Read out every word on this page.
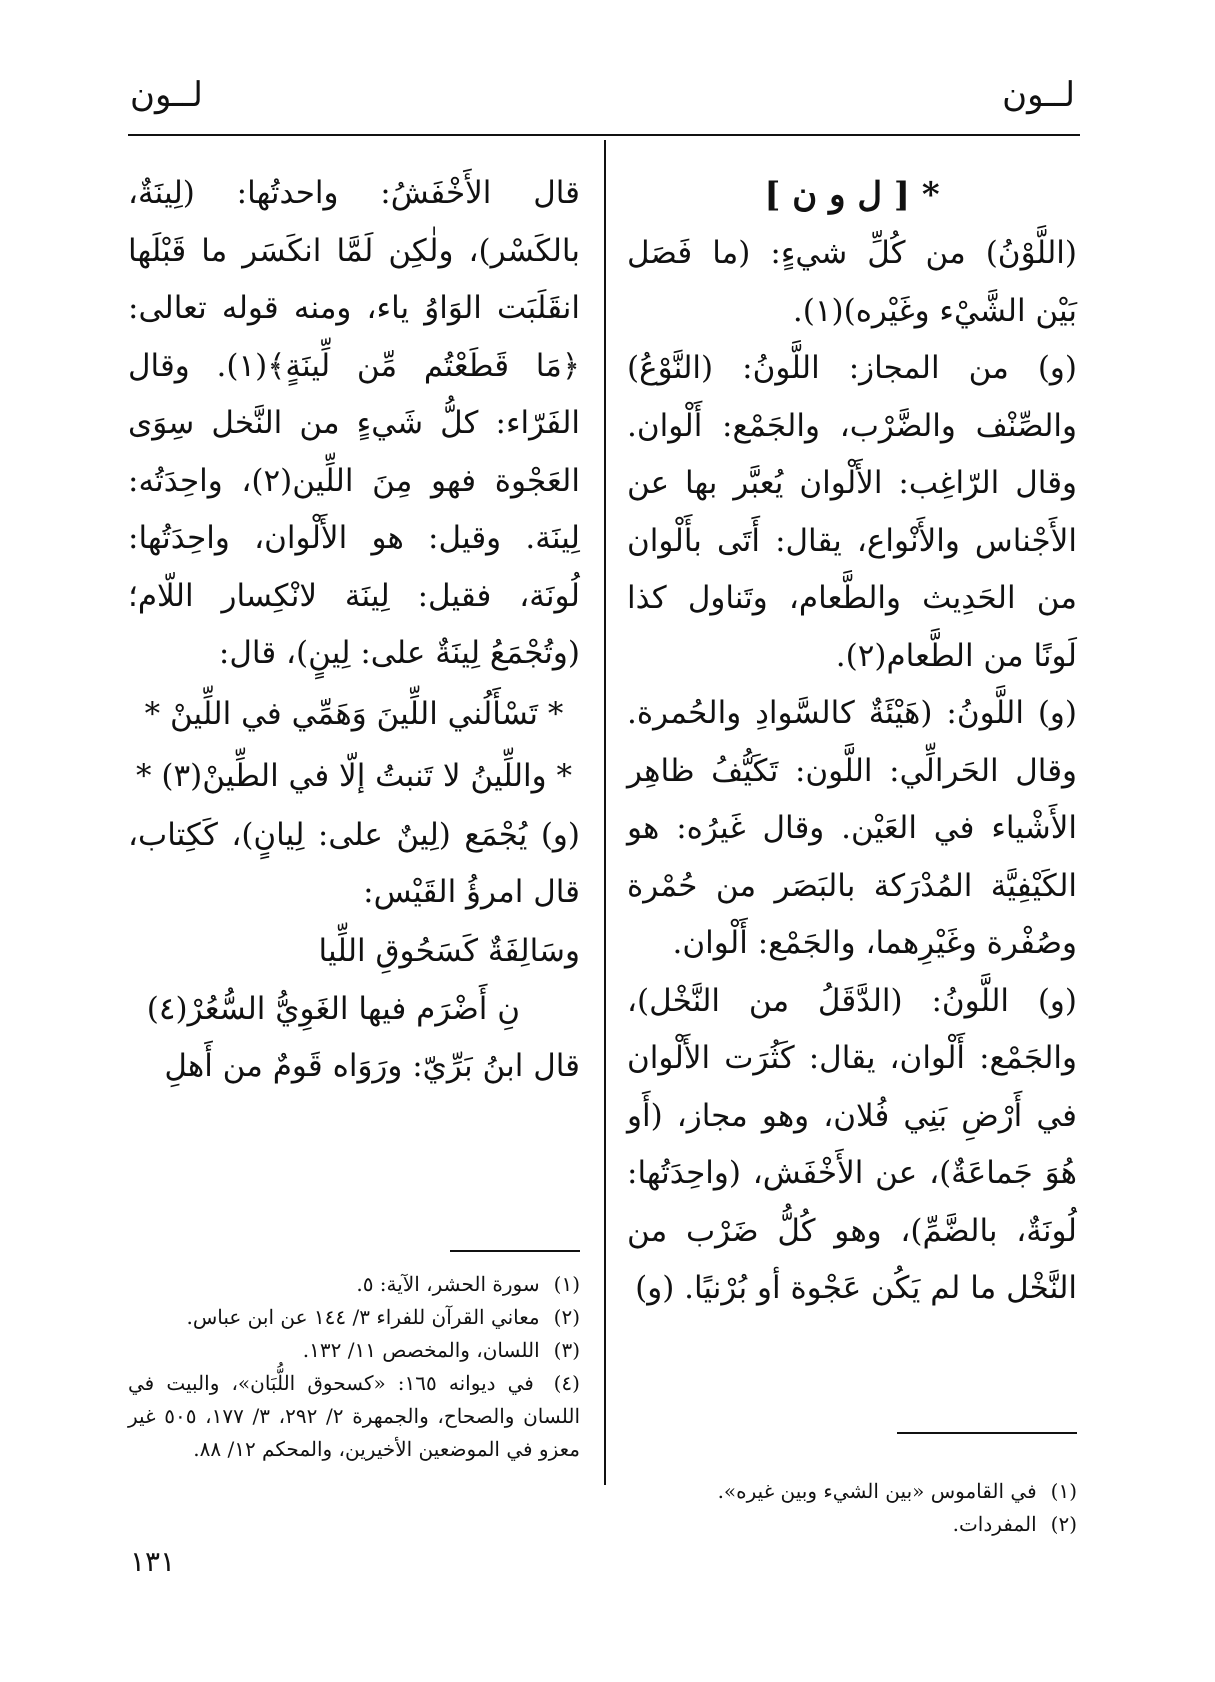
لــون
لــون

* [ ل و ن ]

(اللَّوْنُ) من كُلِّ شيءٍ: (ما فَصَل بَيْن الشَّيْء وغَيْره)(١).

(و) من المجاز: اللَّونُ: (النَّوْعُ) والصِّنْف والضَّرْب، والجَمْع: أَلْوان. وقال الرّاغِب: الأَلْوان يُعبَّر بها عن الأَجْناس والأَنْواع، يقال: أَتَى بأَلْوان من الحَدِيث والطَّعام، وتَناول كذا لَونًا من الطَّعام(٢).

(و) اللَّونُ: (هَيْئَةٌ كالسَّوادِ والحُمرة. وقال الحَرالِّي: اللَّون: تَكَيُّفُ ظاهِر الأَشْياء في العَيْن. وقال غَيرُه: هو الكَيْفِيَّة المُدْرَكة بالبَصَر من حُمْرة وصُفْرة وغَيْرِهما، والجَمْع: أَلْوان.

(و) اللَّونُ: (الدَّقَلُ من النَّخْل)، والجَمْع: أَلْوان، يقال: كَثُرَت الأَلْوان في أَرْضِ بَنِي فُلان، وهو مجاز، (أَو هُوَ جَماعَةٌ)، عن الأَخْفَش، (واحِدَتُها: لُونَةٌ، بالضَّمِّ)، وهو كُلُّ ضَرْب من النَّخْل ما لم يَكُن عَجْوة أو بُرْنيًا. (و)

(١) في القاموس «بين الشيء وبين غيره».

(٢) المفردات.

قال الأَخْفَشُ: واحدتُها: (لِينَةٌ، بالكَسْر)، ولٰكِن لَمَّا انكَسَر ما قَبْلَها انقَلَبَت الوَاوُ ياء، ومنه قوله تعالى: ﴿مَا قَطَعْتُم مِّن لِّينَةٍ﴾(١). وقال الفَرّاء: كلُّ شَيءٍ من النَّخل سِوَى العَجْوة فهو مِنَ اللِّين(٢)، واحِدَتُه: لِينَة. وقيل: هو الأَلْوان، واحِدَتُها: لُونَة، فقيل: لِينَة لانْكِسار اللّام؛ (وتُجْمَعُ لِينَةٌ على: لِينٍ)، قال:

* تَسْأَلُني اللِّينَ وَهَمِّي في اللِّينْ *

* واللِّينُ لا تَنبتُ إلّا في الطِّينْ(٣) *

(و) يُجْمَع (لِينٌ على: لِيانٍ)، كَكِتاب، قال امرؤُ القَيْس:

وسَالِفَةٌ كَسَحُوقِ اللِّيا

نِ أَضْرَم فيها الغَوِيُّ السُّعُرْ(٤)

قال ابنُ بَرِّيّ: ورَوَاه قَومٌ من أَهلِ

(١) سورة الحشر، الآية: ٥.

(٢) معاني القرآن للفراء ٣/ ١٤٤ عن ابن عباس.

(٣) اللسان، والمخصص ١١/ ١٣٢.

(٤) في ديوانه ١٦٥: «كسحوق اللُّبَان»، والبيت في اللسان والصحاح، والجمهرة ٢/ ٢٩٢، ٣/ ١٧٧، ٥٠٥ غير معزو في الموضعين الأخيرين، والمحكم ١٢/ ٨٨.

١٣١
